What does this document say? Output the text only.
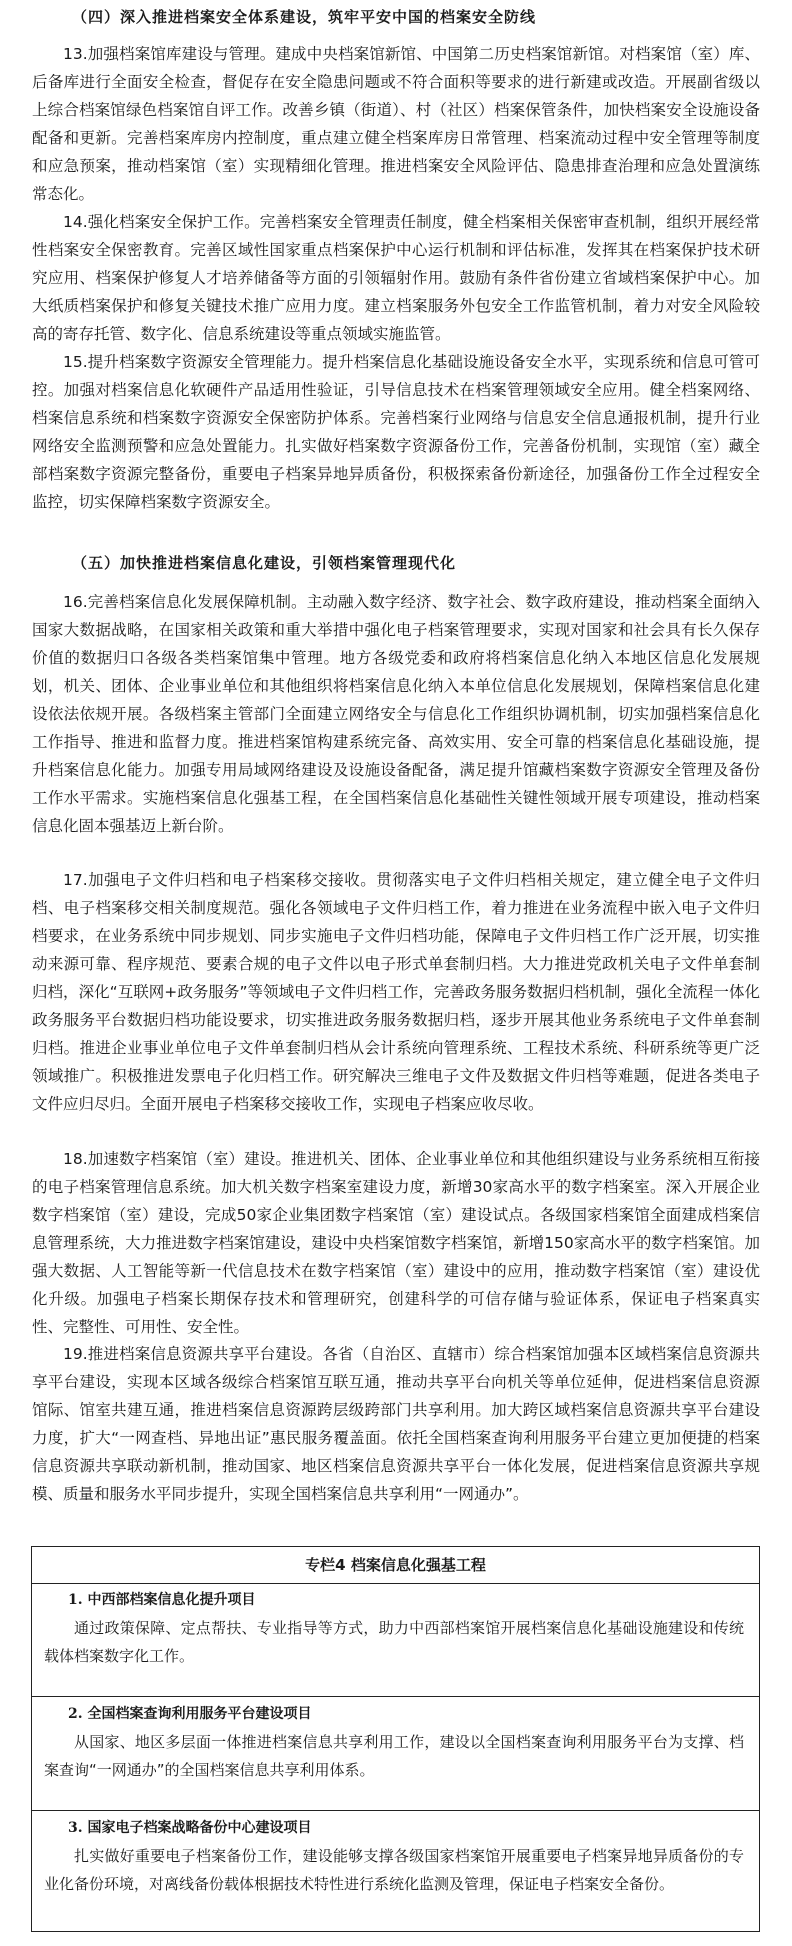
（四）深入推进档案安全体系建设，筑牢平安中国的档案安全防线

13.加强档案馆库建设与管理。建成中央档案馆新馆、中国第二历史档案馆新馆。对档案馆（室）库、后备库进行全面安全检查，督促存在安全隐患问题或不符合面积等要求的进行新建或改造。开展副省级以上综合档案馆绿色档案馆自评工作。改善乡镇（街道）、村（社区）档案保管条件，加快档案安全设施设备配备和更新。完善档案库房内控制度，重点建立健全档案库房日常管理、档案流动过程中安全管理等制度和应急预案，推动档案馆（室）实现精细化管理。推进档案安全风险评估、隐患排查治理和应急处置演练常态化。

14.强化档案安全保护工作。完善档案安全管理责任制度，健全档案相关保密审查机制，组织开展经常性档案安全保密教育。完善区域性国家重点档案保护中心运行机制和评估标准，发挥其在档案保护技术研究应用、档案保护修复人才培养储备等方面的引领辐射作用。鼓励有条件省份建立省域档案保护中心。加大纸质档案保护和修复关键技术推广应用力度。建立档案服务外包安全工作监管机制，着力对安全风险较高的寄存托管、数字化、信息系统建设等重点领域实施监管。

15.提升档案数字资源安全管理能力。提升档案信息化基础设施设备安全水平，实现系统和信息可管可控。加强对档案信息化软硬件产品适用性验证，引导信息技术在档案管理领域安全应用。健全档案网络、档案信息系统和档案数字资源安全保密防护体系。完善档案行业网络与信息安全信息通报机制，提升行业网络安全监测预警和应急处置能力。扎实做好档案数字资源备份工作，完善备份机制，实现馆（室）藏全部档案数字资源完整备份，重要电子档案异地异质备份，积极探索备份新途径，加强备份工作全过程安全监控，切实保障档案数字资源安全。

（五）加快推进档案信息化建设，引领档案管理现代化

16.完善档案信息化发展保障机制。主动融入数字经济、数字社会、数字政府建设，推动档案全面纳入国家大数据战略，在国家相关政策和重大举措中强化电子档案管理要求，实现对国家和社会具有长久保存价值的数据归口各级各类档案馆集中管理。地方各级党委和政府将档案信息化纳入本地区信息化发展规划，机关、团体、企业事业单位和其他组织将档案信息化纳入本单位信息化发展规划，保障档案信息化建设依法依规开展。各级档案主管部门全面建立网络安全与信息化工作组织协调机制，切实加强档案信息化工作指导、推进和监督力度。推进档案馆构建系统完备、高效实用、安全可靠的档案信息化基础设施，提升档案信息化能力。加强专用局域网络建设及设施设备配备，满足提升馆藏档案数字资源安全管理及备份工作水平需求。实施档案信息化强基工程，在全国档案信息化基础性关键性领域开展专项建设，推动档案信息化固本强基迈上新台阶。

17.加强电子文件归档和电子档案移交接收。贯彻落实电子文件归档相关规定，建立健全电子文件归档、电子档案移交相关制度规范。强化各领域电子文件归档工作，着力推进在业务流程中嵌入电子文件归档要求，在业务系统中同步规划、同步实施电子文件归档功能，保障电子文件归档工作广泛开展，切实推动来源可靠、程序规范、要素合规的电子文件以电子形式单套制归档。大力推进党政机关电子文件单套制归档，深化“互联网+政务服务”等领域电子文件归档工作，完善政务服务数据归档机制，强化全流程一体化政务服务平台数据归档功能设要求，切实推进政务服务数据归档，逐步开展其他业务系统电子文件单套制归档。推进企业事业单位电子文件单套制归档从会计系统向管理系统、工程技术系统、科研系统等更广泛领域推广。积极推进发票电子化归档工作。研究解决三维电子文件及数据文件归档等难题，促进各类电子文件应归尽归。全面开展电子档案移交接收工作，实现电子档案应收尽收。

18.加速数字档案馆（室）建设。推进机关、团体、企业事业单位和其他组织建设与业务系统相互衔接的电子档案管理信息系统。加大机关数字档案室建设力度，新增30家高水平的数字档案室。深入开展企业数字档案馆（室）建设，完成50家企业集团数字档案馆（室）建设试点。各级国家档案馆全面建成档案信息管理系统，大力推进数字档案馆建设，建设中央档案馆数字档案馆，新增150家高水平的数字档案馆。加强大数据、人工智能等新一代信息技术在数字档案馆（室）建设中的应用，推动数字档案馆（室）建设优化升级。加强电子档案长期保存技术和管理研究，创建科学的可信存储与验证体系，保证电子档案真实性、完整性、可用性、安全性。

19.推进档案信息资源共享平台建设。各省（自治区、直辖市）综合档案馆加强本区域档案信息资源共享平台建设，实现本区域各级综合档案馆互联互通，推动共享平台向机关等单位延伸，促进档案信息资源馆际、馆室共建互通，推进档案信息资源跨层级跨部门共享利用。加大跨区域档案信息资源共享平台建设力度，扩大“一网查档、异地出证”惠民服务覆盖面。依托全国档案查询利用服务平台建立更加便捷的档案信息资源共享联动新机制，推动国家、地区档案信息资源共享平台一体化发展，促进档案信息资源共享规模、质量和服务水平同步提升，实现全国档案信息共享利用“一网通办”。

专栏4 档案信息化强基工程
1. 中西部档案信息化提升项目

通过政策保障、定点帮扶、专业指导等方式，助力中西部档案馆开展档案信息化基础设施建设和传统载体档案数字化工作。

2. 全国档案查询利用服务平台建设项目

从国家、地区多层面一体推进档案信息共享利用工作，建设以全国档案查询利用服务平台为支撑、档案查询“一网通办”的全国档案信息共享利用体系。

3. 国家电子档案战略备份中心建设项目

扎实做好重要电子档案备份工作，建设能够支撑各级国家档案馆开展重要电子档案异地异质备份的专业化备份环境，对离线备份载体根据技术特性进行系统化监测及管理，保证电子档案安全备份。
